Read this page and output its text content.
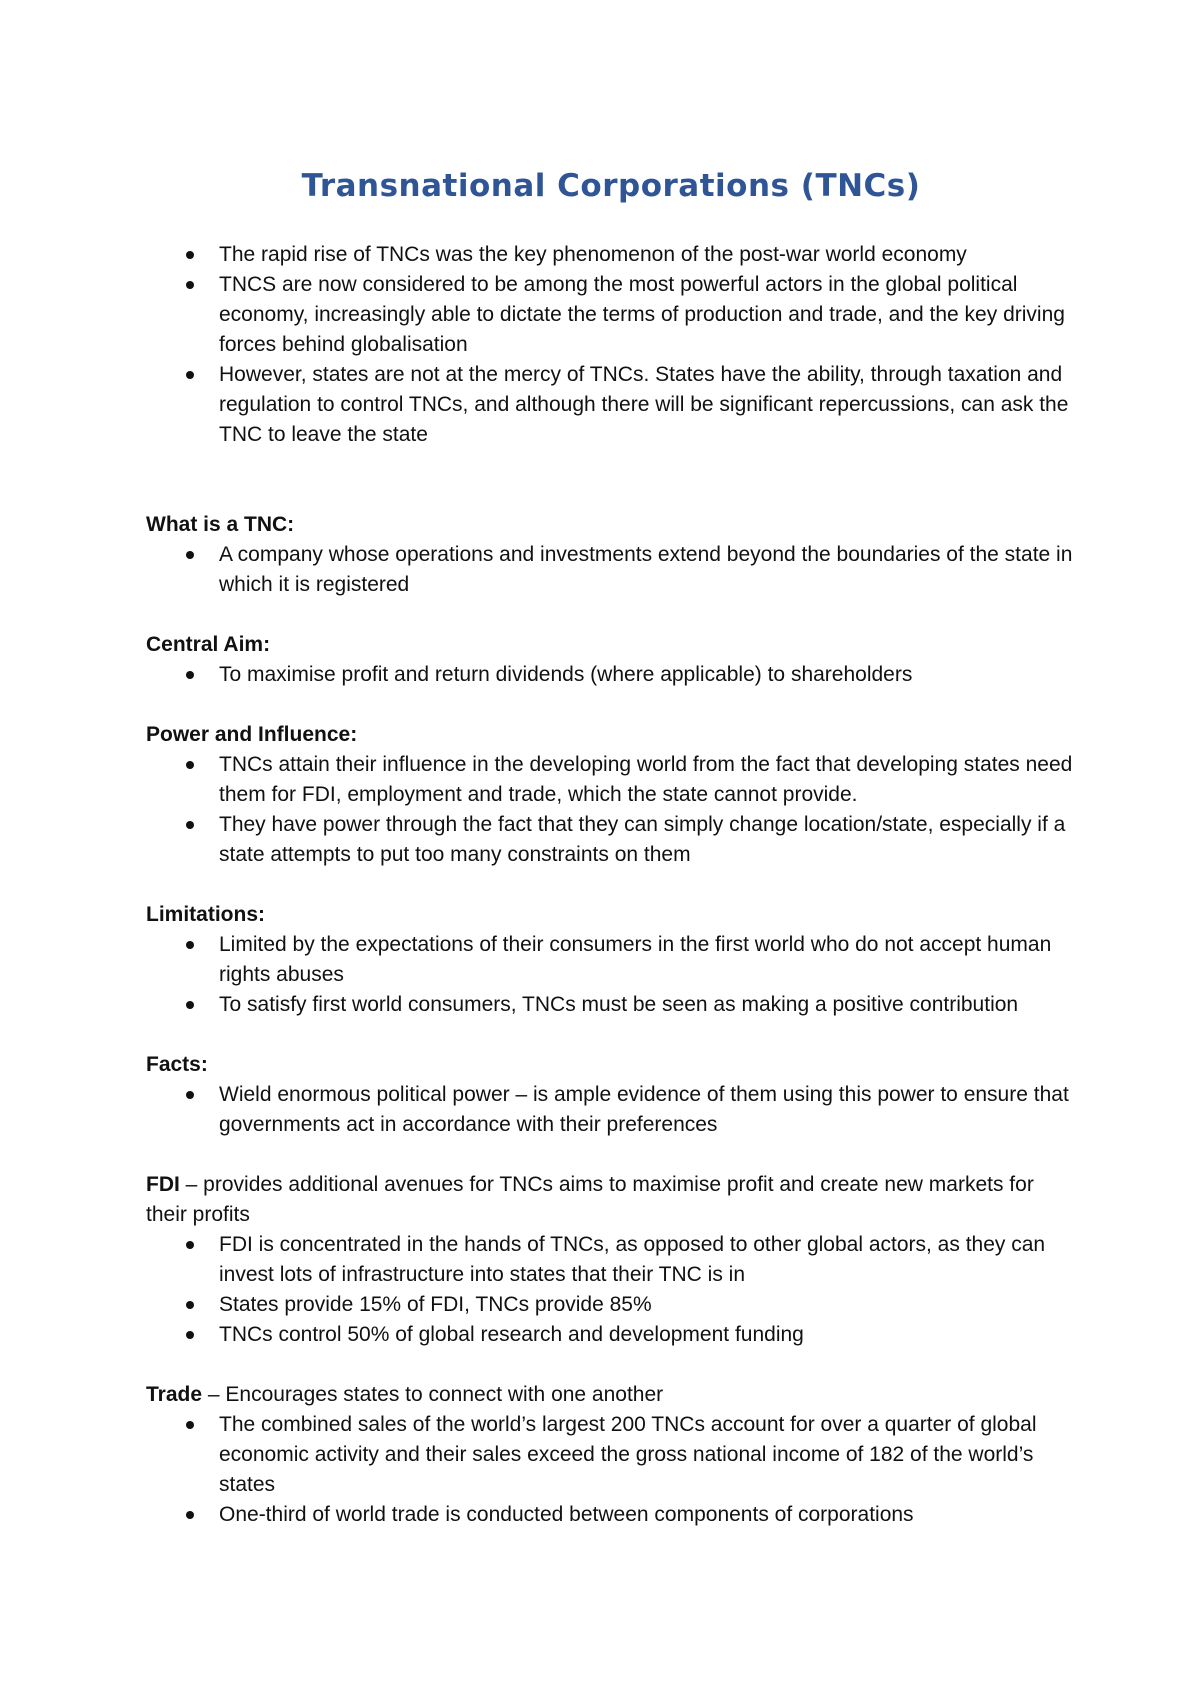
Transnational Corporations (TNCs)
The rapid rise of TNCs was the key phenomenon of the post-war world economy
TNCS are now considered to be among the most powerful actors in the global political economy, increasingly able to dictate the terms of production and trade, and the key driving forces behind globalisation
However, states are not at the mercy of TNCs. States have the ability, through taxation and regulation to control TNCs, and although there will be significant repercussions, can ask the TNC to leave the state
What is a TNC:
A company whose operations and investments extend beyond the boundaries of the state in which it is registered
Central Aim:
To maximise profit and return dividends (where applicable) to shareholders
Power and Influence:
TNCs attain their influence in the developing world from the fact that developing states need them for FDI, employment and trade, which the state cannot provide.
They have power through the fact that they can simply change location/state, especially if a state attempts to put too many constraints on them
Limitations:
Limited by the expectations of their consumers in the first world who do not accept human rights abuses
To satisfy first world consumers, TNCs must be seen as making a positive contribution
Facts:
Wield enormous political power – is ample evidence of them using this power to ensure that governments act in accordance with their preferences
FDI – provides additional avenues for TNCs aims to maximise profit and create new markets for their profits
FDI is concentrated in the hands of TNCs, as opposed to other global actors, as they can invest lots of infrastructure into states that their TNC is in
States provide 15% of FDI, TNCs provide 85%
TNCs control 50% of global research and development funding
Trade – Encourages states to connect with one another
The combined sales of the world’s largest 200 TNCs account for over a quarter of global economic activity and their sales exceed the gross national income of 182 of the world’s states
One-third of world trade is conducted between components of corporations
